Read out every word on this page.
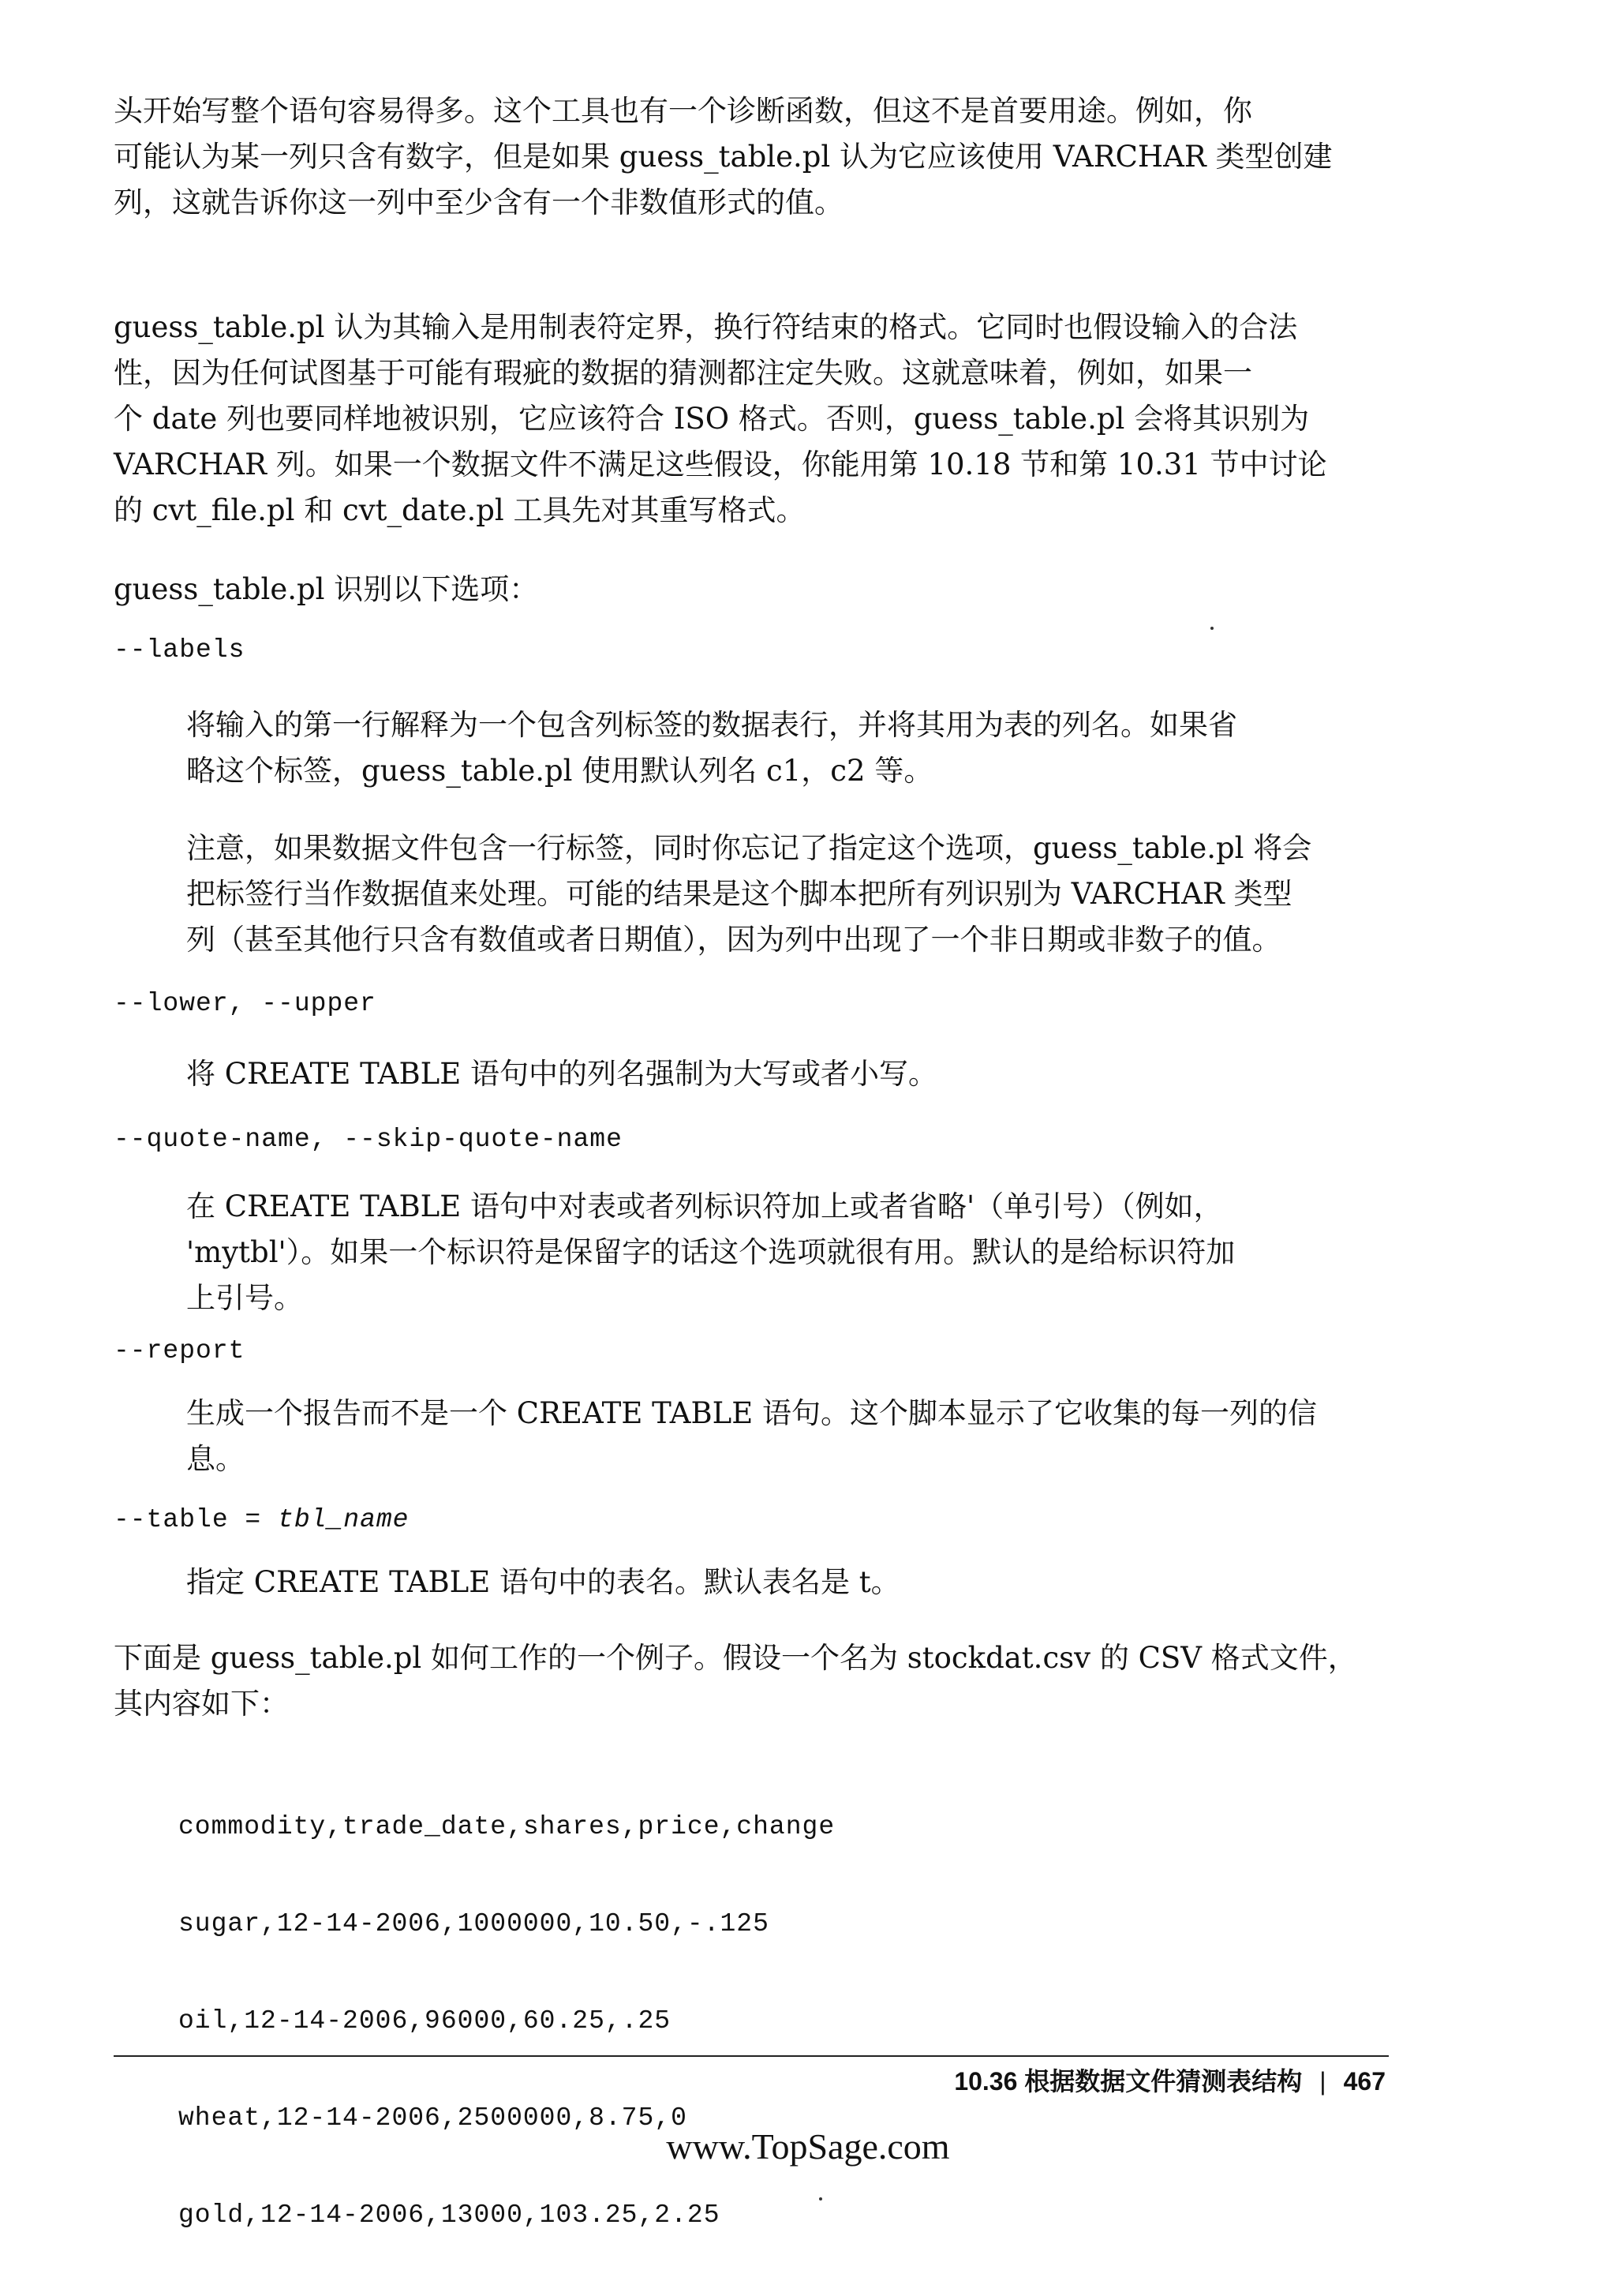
头开始写整个语句容易得多。这个工具也有一个诊断函数，但这不是首要用途。例如，你
可能认为某一列只含有数字，但是如果 guess_table.pl 认为它应该使用 VARCHAR 类型创建
列，这就告诉你这一列中至少含有一个非数值形式的值。
guess_table.pl 认为其输入是用制表符定界，换行符结束的格式。它同时也假设输入的合法
性，因为任何试图基于可能有瑕疵的数据的猜测都注定失败。这就意味着，例如，如果一
个 date 列也要同样地被识别，它应该符合 ISO 格式。否则，guess_table.pl 会将其识别为
VARCHAR 列。如果一个数据文件不满足这些假设，你能用第 10.18 节和第 10.31 节中讨论
的 cvt_file.pl 和 cvt_date.pl 工具先对其重写格式。
guess_table.pl 识别以下选项：
--labels
将输入的第一行解释为一个包含列标签的数据表行，并将其用为表的列名。如果省
略这个标签，guess_table.pl 使用默认列名 c1，c2 等。
注意，如果数据文件包含一行标签，同时你忘记了指定这个选项，guess_table.pl 将会
把标签行当作数据值来处理。可能的结果是这个脚本把所有列识别为 VARCHAR 类型
列（甚至其他行只含有数值或者日期值），因为列中出现了一个非日期或非数子的值。
--lower, --upper
将 CREATE TABLE 语句中的列名强制为大写或者小写。
--quote-name, --skip-quote-name
在 CREATE TABLE 语句中对表或者列标识符加上或者省略'（单引号）（例如，
'mytbl'）。如果一个标识符是保留字的话这个选项就很有用。默认的是给标识符加
上引号。
--report
生成一个报告而不是一个 CREATE TABLE 语句。这个脚本显示了它收集的每一列的信
息。
--table = tbl_name
指定 CREATE TABLE 语句中的表名。默认表名是 t。
下面是 guess_table.pl 如何工作的一个例子。假设一个名为 stockdat.csv 的 CSV 格式文件，
其内容如下：

commodity,trade_date,shares,price,change

sugar,12-14-2006,1000000,10.50,-.125

oil,12-14-2006,96000,60.25,.25

wheat,12-14-2006,2500000,8.75,0

gold,12-14-2006,13000,103.25,2.25

10.36 根据数据文件猜测表结构 | 467
www.TopSage.com
